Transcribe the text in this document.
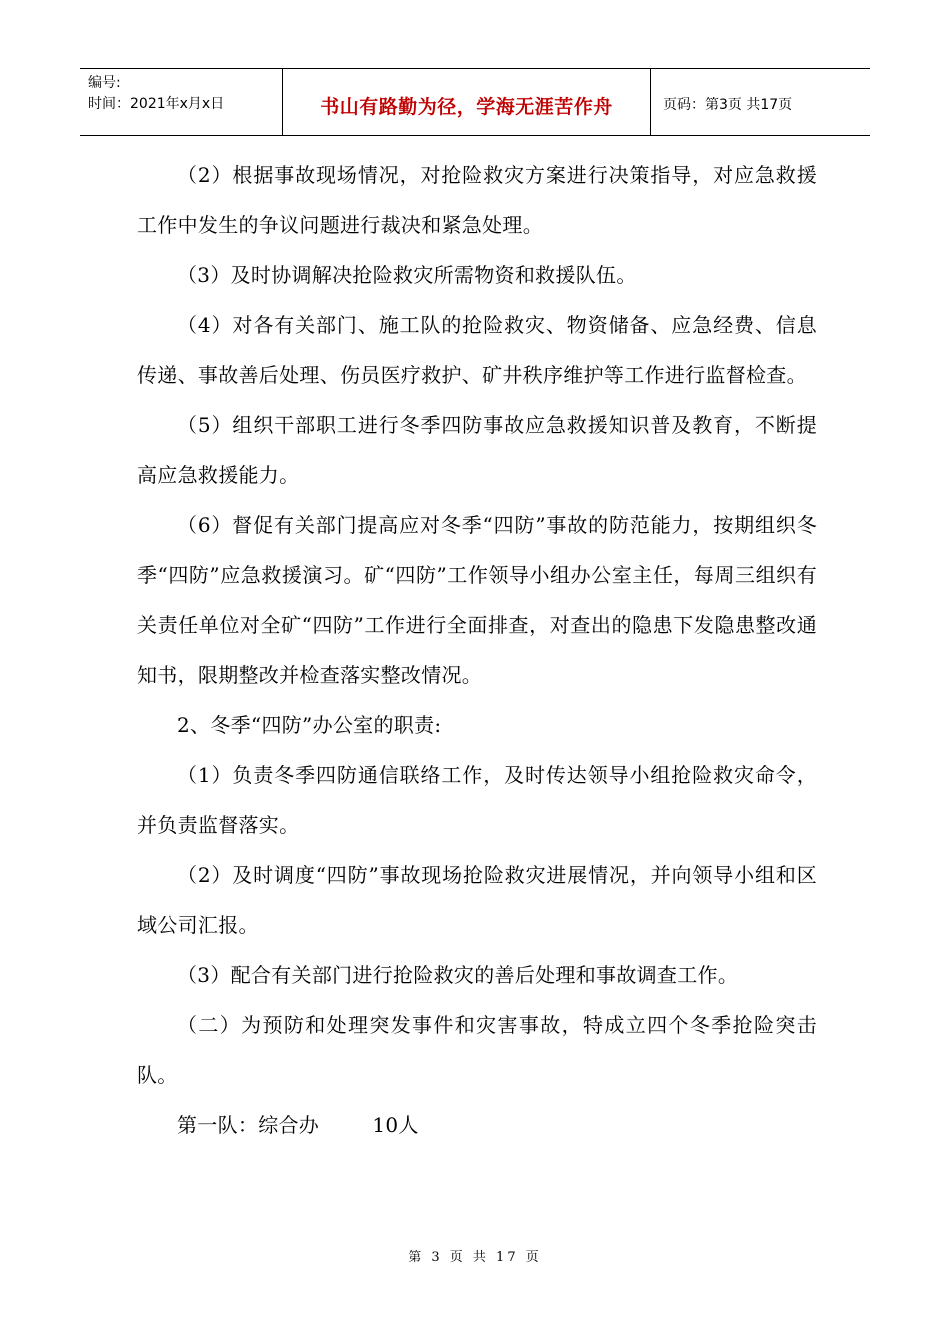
编号:
时间：2021年x月x日	书山有路勤为径，学海无涯苦作舟	页码：第3页 共17页

（2）根据事故现场情况，对抢险救灾方案进行决策指导，对应急救援工作中发生的争议问题进行裁决和紧急处理。

（3）及时协调解决抢险救灾所需物资和救援队伍。

（4）对各有关部门、施工队的抢险救灾、物资储备、应急经费、信息传递、事故善后处理、伤员医疗救护、矿井秩序维护等工作进行监督检查。

（5）组织干部职工进行冬季四防事故应急救援知识普及教育，不断提高应急救援能力。

（6）督促有关部门提高应对冬季“四防”事故的防范能力，按期组织冬季“四防”应急救援演习。矿“四防”工作领导小组办公室主任，每周三组织有关责任单位对全矿“四防”工作进行全面排查，对查出的隐患下发隐患整改通知书，限期整改并检查落实整改情况。

2、冬季“四防”办公室的职责:

（1）负责冬季四防通信联络工作，及时传达领导小组抢险救灾命令，并负责监督落实。

（2）及时调度“四防”事故现场抢险救灾进展情况，并向领导小组和区域公司汇报。

（3）配合有关部门进行抢险救灾的善后处理和事故调查工作。

（二）为预防和处理突发事件和灾害事故，特成立四个冬季抢险突击队。

第一队：综合办        10人

第 3 页 共 17 页
